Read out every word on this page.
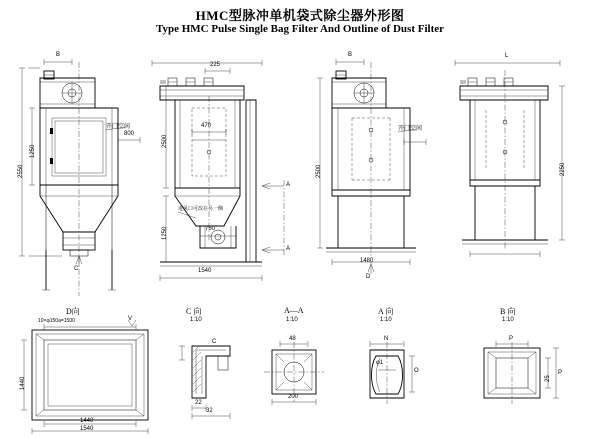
HMC型脉冲单机袋式除尘器外形图
Type HMC Pulse Single Bag Filter And Outline of Dust Filter
B
2550
1250
开门空间
800
C
225
2500
1250
470
750
1540
进风口可改在另一侧
A
A
B
2500
开门空间
1480
D
L
2250
D向
10×φ150a=1500	V
1440
1440
1540
C 向
1:10
C
22
32
A—A
1:10
48
200
A 向
1:10
N
φ1
O
B 向
1:10
P
25
P
